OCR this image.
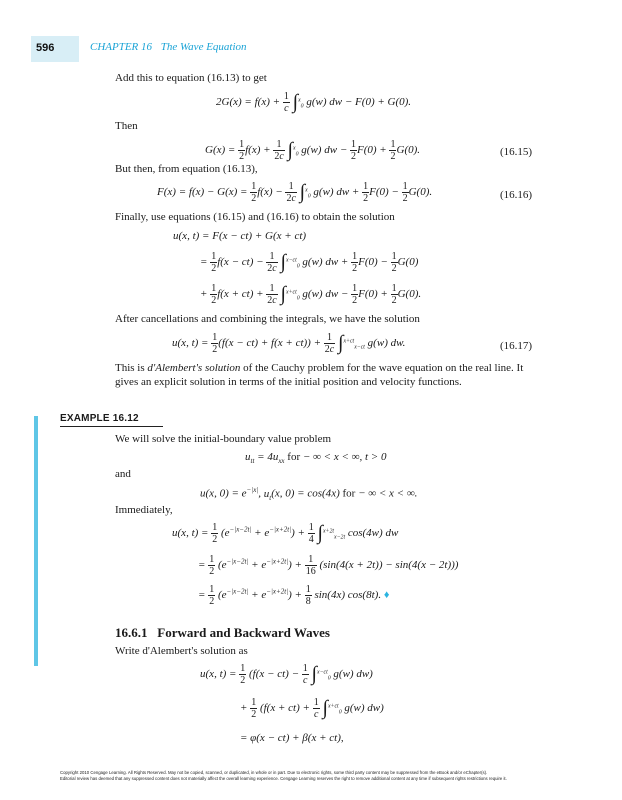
596	CHAPTER 16 The Wave Equation
Add this to equation (16.13) to get
$2G(x) = f(x) + \frac{1}{c} \int^x_0$ g(w) dw − F(0) + G(0).
Then
$G(x) = \frac{1}{2} f(x) + \frac{1}{2c} \int^x_0$ g(w) dw − $\frac{1}{2} F(0) + \frac{1}{2} G(0)$.	(16.15)
But then, from equation (16.13),
$F(x) = f(x) - G(x) = \frac{1}{2} f(x) - \frac{1}{2c} \int^x_0$ g(w) dw + $\frac{1}{2} F(0) - \frac{1}{2} G(0)$.	(16.16)
Finally, use equations (16.15) and (16.16) to obtain the solution
u(x, t) = F(x − ct) + G(x + ct)
= $\frac{1}{2} f(x - ct) - \frac{1}{2c} \int^{x-ct}_0$ g(w) dw + $\frac{1}{2} F(0) - \frac{1}{2} G(0)$
+ $\frac{1}{2} f(x + ct) + \frac{1}{2c} \int^{x+ct}_0$ g(w) dw − $\frac{1}{2} F(0) + \frac{1}{2} G(0)$.
After cancellations and combining the integrals, we have the solution
u(x, $t) = \frac{1}{2} (f(x - ct) + f(x + ct)) + \frac{1}{2c} \int^{x+ct}_{x-ct}$ g(w) dw.	(16.17)
This is d'Alembert's solution of the Cauchy problem for the wave equation on the real line. It
gives an explicit solution in terms of the initial position and velocity functions.
EXAMPLE 16.12
We will solve the initial-boundary value problem
$u_{tt} = 4u_{xx}$ for − ∞ < x < ∞, t > 0
and
u(x, $0) = e^{-|x|}$, $u_t(x$, 0) = cos(4x) for − ∞ < x < ∞.
Immediately,
u(x, $t) = \frac{1}{2} (e^{-|x-2t|} + e^{-|x+2t|}) + \frac{1}{4} \int^{x+2t}_{x-2t}$ cos(4w) dw
= $\frac{1}{2} (e^{-|x-2t|} + e^{-|x+2t|}) + \frac{1}{16} (\sin(4(x + 2t)) - \sin(4(x - 2t)))$
= $\frac{1}{2} (e^{-|x-2t|} + e^{-|x+2t|}) + \frac{1}{8} \sin(4x)$ cos(8t). ♦
16.6.1 Forward and Backward Waves
Write d'Alembert's solution as
u(x, $t) = \frac{1}{2} (f(x - ct) - \frac{1}{c} \int^{x-ct}_0$ g(w) dw)
+ $\frac{1}{2} (f(x + ct) + \frac{1}{c} \int^{x+ct}_0$ g(w) dw)
= φ(x − ct) + β(x + ct),
Copyright 2010 Cengage Learning. All Rights Reserved. May not be copied, scanned, or duplicated, in whole or in part. Due to electronic rights, some third party content may be suppressed from the eBook and/or eChapter(s).
Editorial review has deemed that any suppressed content does not materially affect the overall learning experience. Cengage Learning reserves the right to remove additional content at any time if subsequent rights restrictions require it.
